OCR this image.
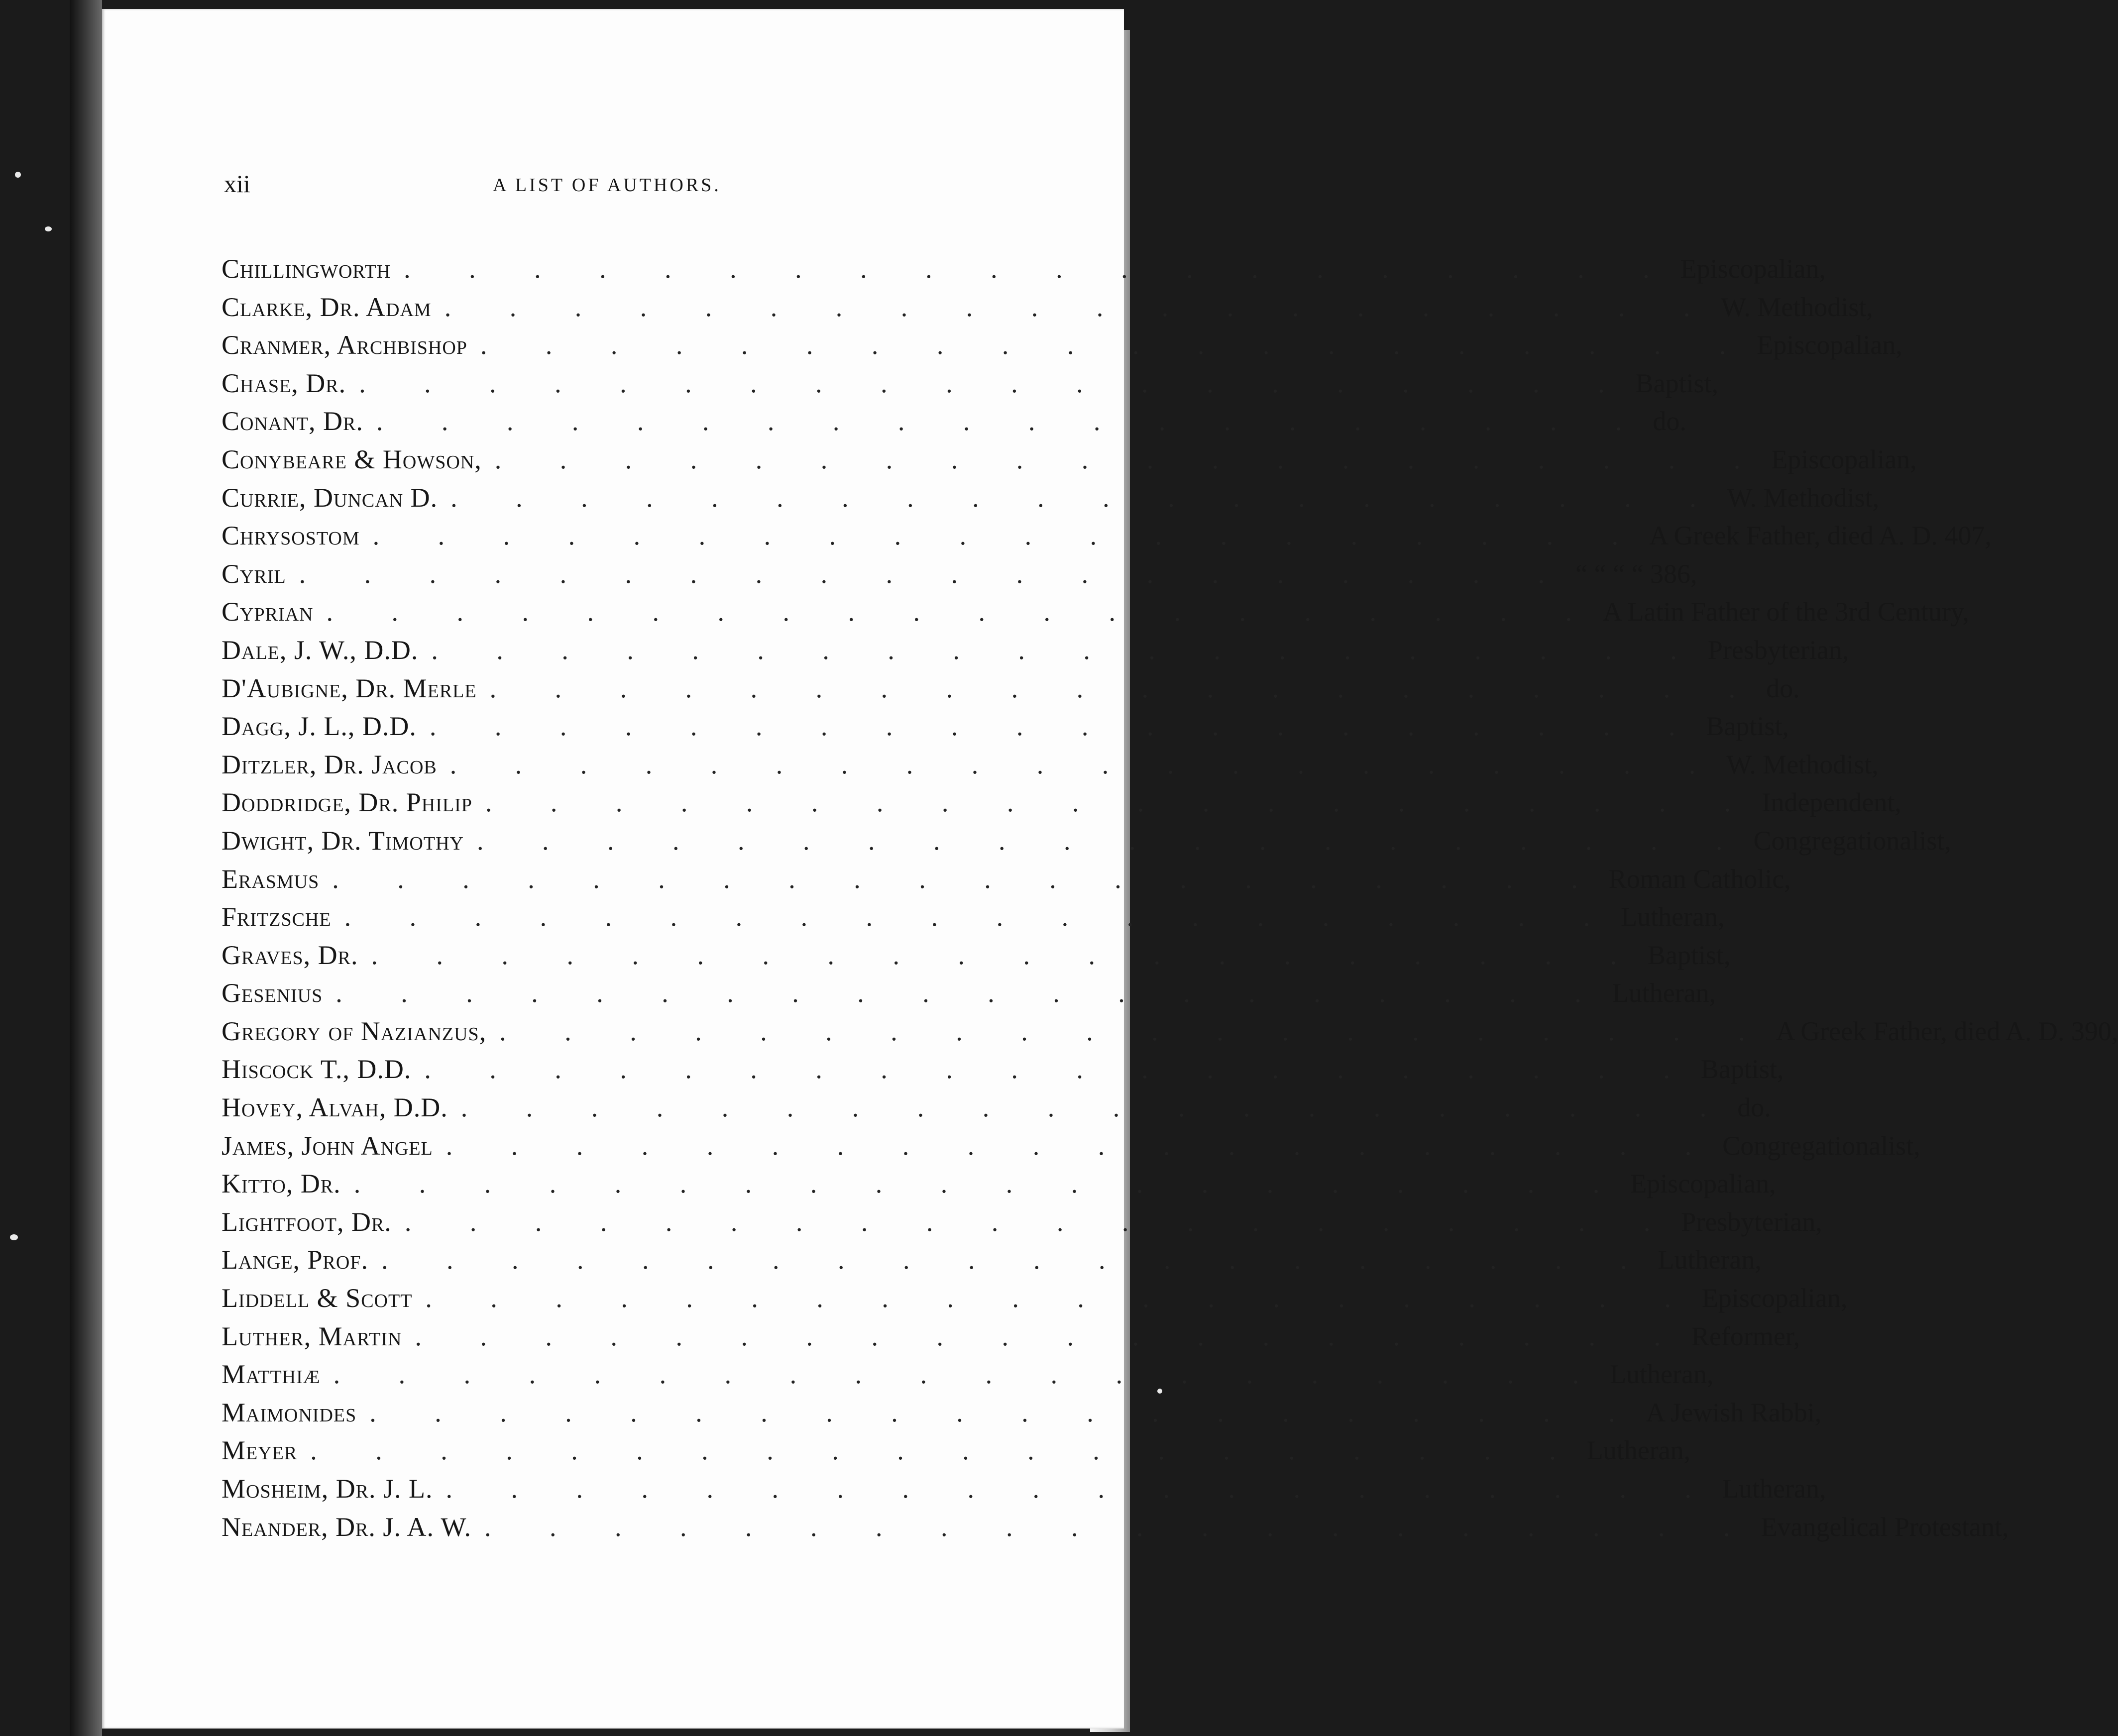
xii	A LIST OF AUTHORS.
Chillingworth . . . . . . . . . . . . . . . . . . . . Episcopalian,
Clarke, Dr. Adam . . . . . . . . . . . . . . . . . . . . W. Methodist,
Cranmer, Archbishop . . . . . . . . . . . . . . . . . . . . Episcopalian,
Chase, Dr. . . . . . . . . . . . . . . . . . . . . Baptist,
Conant, Dr. . . . . . . . . . . . . . . . . . . . . do.
Conybeare & Howson, . . . . . . . . . . . . . . . . . . . . Episcopalian,
Currie, Duncan D. . . . . . . . . . . . . . . . . . . . . W. Methodist,
Chrysostom . . . . . . . . . . . . . . . . . . . . A Greek Father, died A. D. 407,
Cyril . . . . . . . . . . . . . . . . . . . . “ “ “ “ 386,
Cyprian . . . . . . . . . . . . . . . . . . . . A Latin Father of the 3rd Century,
Dale, J. W., D.D. . . . . . . . . . . . . . . . . . . . . Presbyterian,
D'Aubigne, Dr. Merle . . . . . . . . . . . . . . . . . . . . do.
Dagg, J. L., D.D. . . . . . . . . . . . . . . . . . . . . Baptist,
Ditzler, Dr. Jacob . . . . . . . . . . . . . . . . . . . . W. Methodist,
Doddridge, Dr. Philip . . . . . . . . . . . . . . . . . . . . Independent,
Dwight, Dr. Timothy . . . . . . . . . . . . . . . . . . . . Congregationalist,
Erasmus . . . . . . . . . . . . . . . . . . . . Roman Catholic,
Fritzsche . . . . . . . . . . . . . . . . . . . . Lutheran,
Graves, Dr. . . . . . . . . . . . . . . . . . . . . Baptist,
Gesenius . . . . . . . . . . . . . . . . . . . . Lutheran,
Gregory of Nazianzus, . . . . . . . . . . . . . . . . . . . . A Greek Father, died A. D. 390,
Hiscock T., D.D. . . . . . . . . . . . . . . . . . . . . Baptist,
Hovey, Alvah, D.D. . . . . . . . . . . . . . . . . . . . . do.
James, John Angel . . . . . . . . . . . . . . . . . . . . Congregationalist,
Kitto, Dr. . . . . . . . . . . . . . . . . . . . . Episcopalian,
Lightfoot, Dr. . . . . . . . . . . . . . . . . . . . . Presbyterian,
Lange, Prof. . . . . . . . . . . . . . . . . . . . . Lutheran,
Liddell & Scott . . . . . . . . . . . . . . . . . . . . Episcopalian,
Luther, Martin . . . . . . . . . . . . . . . . . . . . Reformer,
Matthiæ . . . . . . . . . . . . . . . . . . . . Lutheran,
Maimonides . . . . . . . . . . . . . . . . . . . . A Jewish Rabbi,
Meyer . . . . . . . . . . . . . . . . . . . . Lutheran,
Mosheim, Dr. J. L. . . . . . . . . . . . . . . . . . . . . Lutheran,
Neander, Dr. J. A. W. . . . . . . . . . . . . . . . . . . . . Evangelical Protestant,
